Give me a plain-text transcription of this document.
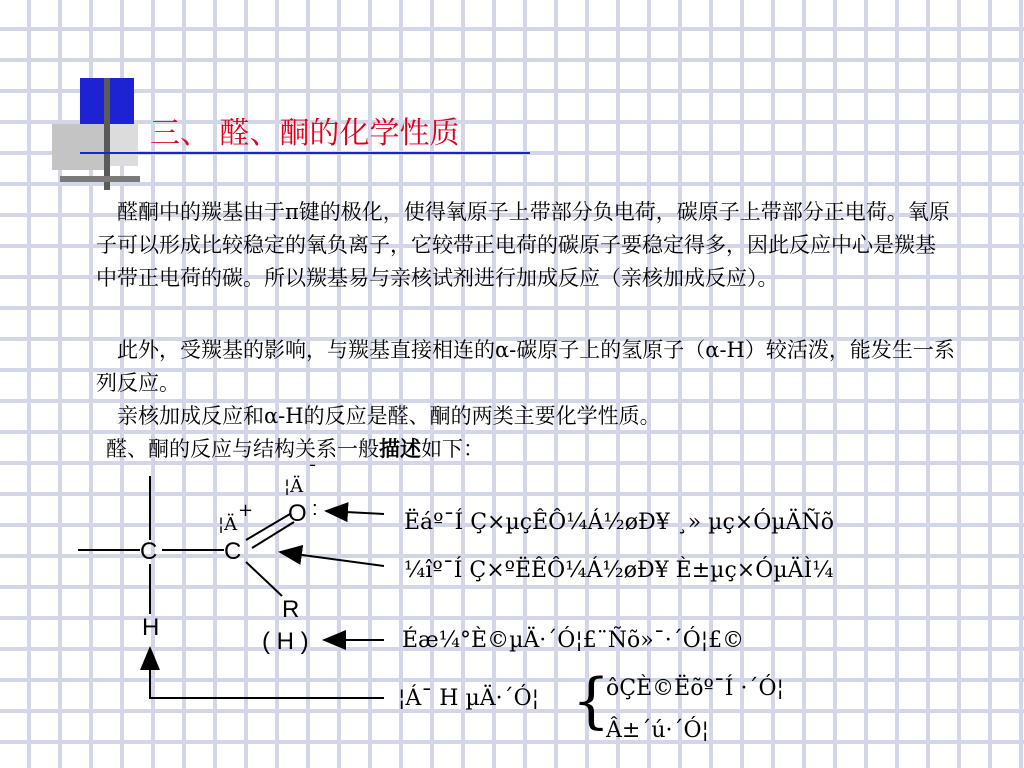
三、 醛、酮的化学性质

醛酮中的羰基由于π键的极化，使得氧原子上带部分负电荷，碳原子上带部分正电荷。氧原子可以形成比较稳定的氧负离子，它较带正电荷的碳原子要稳定得多，因此反应中心是羰基中带正电荷的碳。所以羰基易与亲核试剂进行加成反应（亲核加成反应）。

此外，受羰基的影响，与羰基直接相连的α-碳原子上的氢原子（α-H）较活泼，能发生一系列反应。

亲核加成反应和α-H的反应是醛、酮的两类主要化学性质。

醛、酮的反应与结构关系一般描述如下：

C	C
O :
R
H
( H )
¦Ä
¯
¦Ä
+	Ëáº¯Í Ç×µçÊÔ¼Á½øÐ¥ ¸» µç×ÓµÄÑõ
¼îº¯Í Ç×ºËÊÔ¼Á½øÐ¥ È±µç×ÓµÄÌ¼
Éæ¼°È©µÄ·´Ó¦£¨Ñõ»¯·´Ó¦£©
¦Á¯ H µÄ·´Ó¦ {
ôÇÈ©Ëõº¯Í ·´Ó¦
Â±´ú·´Ó¦
